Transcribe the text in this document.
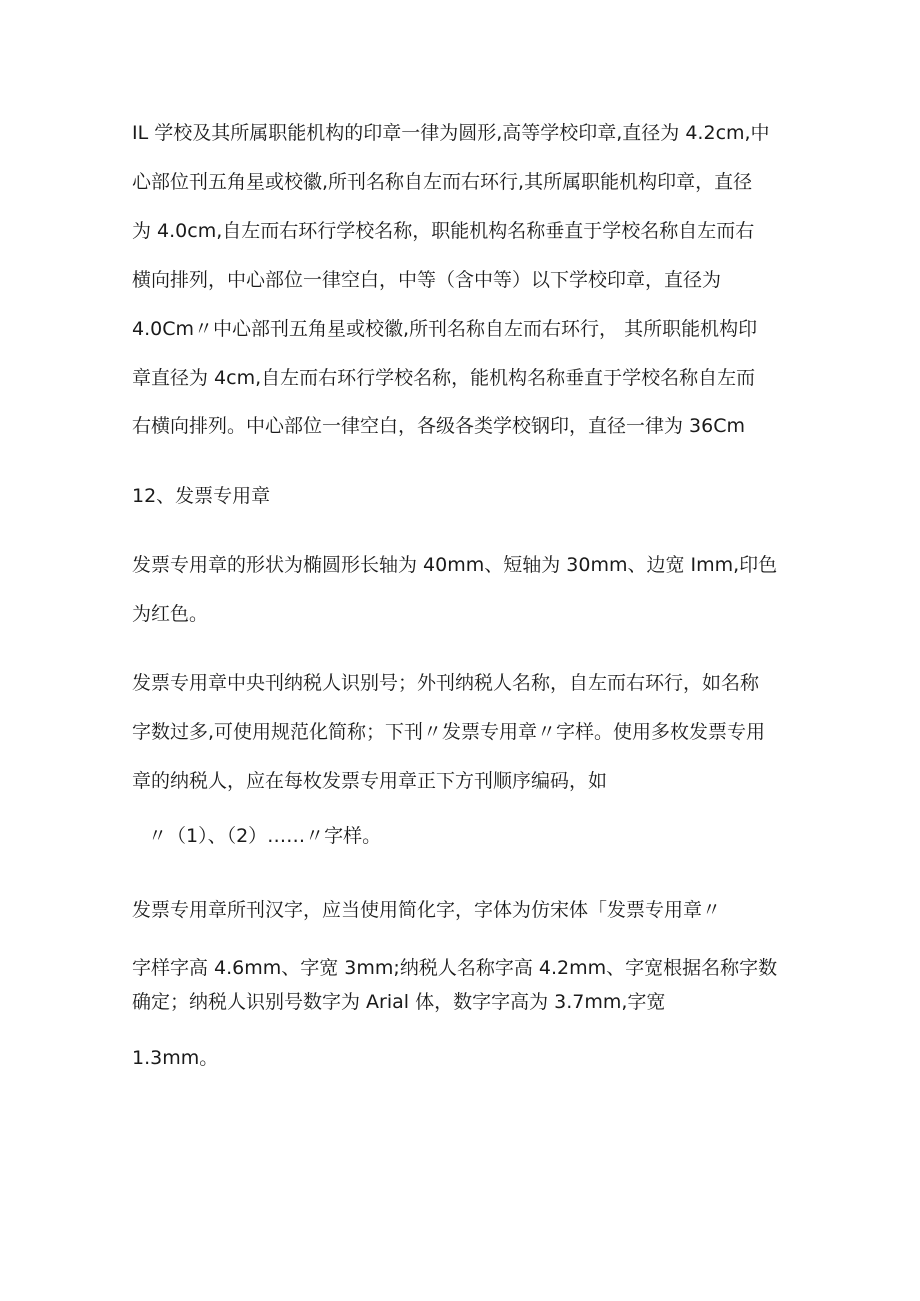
IL 学校及其所属职能机构的印章一律为圆形,高等学校印章,直径为 4.2cm,中
心部位刊五角星或校徽,所刊名称自左而右环行,其所属职能机构印章，直径
为 4.0cm,自左而右环行学校名称，职能机构名称垂直于学校名称自左而右
横向排列，中心部位一律空白，中等（含中等）以下学校印章，直径为
4.0Cm〃中心部刊五角星或校徽,所刊名称自左而右环行， 其所职能机构印
章直径为 4cm,自左而右环行学校名称，能机构名称垂直于学校名称自左而
右横向排列。中心部位一律空白，各级各类学校钢印，直径一律为 36Cm
12、发票专用章
发票专用章的形状为椭圆形长轴为 40mm、短轴为 30mm、边宽 Imm,印色
为红色。
发票专用章中央刊纳税人识别号；外刊纳税人名称，自左而右环行，如名称
字数过多,可使用规范化简称；下刊〃发票专用章〃字样。使用多枚发票专用
章的纳税人，应在每枚发票专用章正下方刊顺序编码，如
〃（1）、（2）……〃字样。
发票专用章所刊汉字，应当使用简化字，字体为仿宋体「发票专用章〃
字样字高 4.6mm、字宽 3mm;纳税人名称字高 4.2mm、字宽根据名称字数
确定；纳税人识别号数字为 Arial 体，数字字高为 3.7mm,字宽
1.3mm。
